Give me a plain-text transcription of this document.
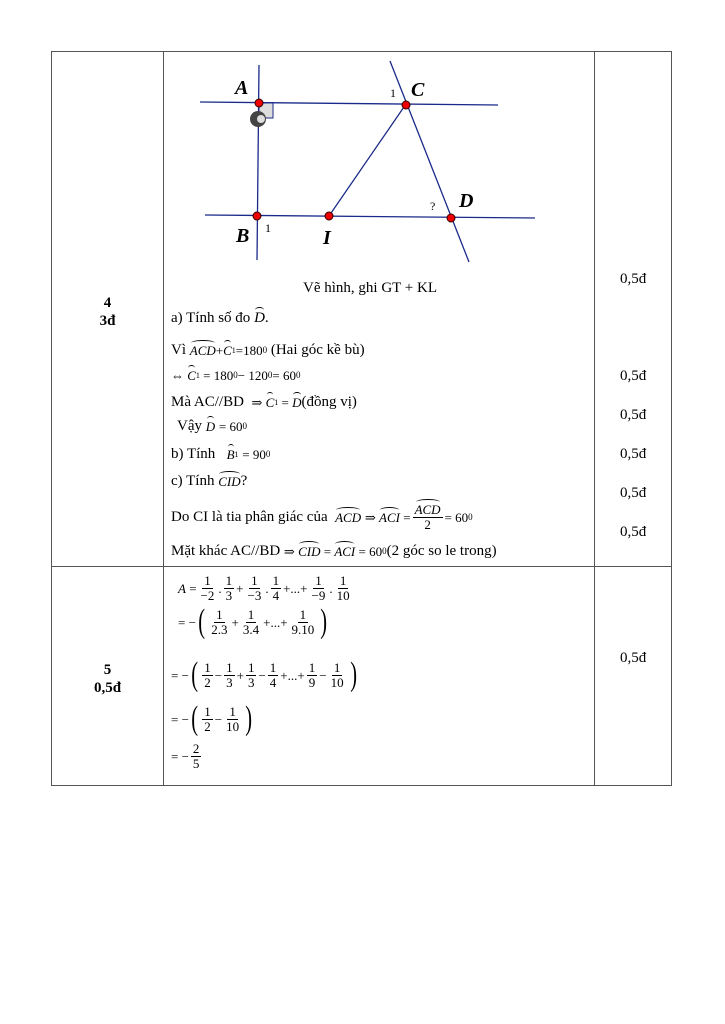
4
3đ
A	C
B	I
D
1
1
?
Vẽ hình, ghi GT + KL
a) Tính số đo
D .
Vì
ACD + C 1 =180 0
(Hai góc kề bù)
⇔ C 1
= 180 0 − 120 0 = 60 0
Mà AC//BD
⇒ C 1 = D (đồng vị)
Vậy
D
= 60 0
b) Tính
B 1
= 90 0
c) Tính
CID ?
Do CI là tia phân giác của
ACD
⇒ ACI = $\frac{\text{ACD}}{2} = 60$ 0
Mặt khác AC//BD
⇒ CID = ACI
= 60 0 (2 góc so le trong)
0,5đ
0,5đ
0,5đ
0,5đ
0,5đ
0,5đ
5
0,5đ
0,5đ
$A = \frac{1}{-2}$ . $\frac{1}{3} + \frac{1}{-3}$ . $\frac{1}{4}$ + ... + $\frac{1}{-9}$ . $\frac{1}{10}$
= − ( $\frac{1}{2.3} + \frac{1}{3.4}$ + ... + $\frac{1}{9.10}$ )
= − ( $\frac{1}{2} - \frac{1}{3} + \frac{1}{3} - \frac{1}{4}$ + ... + $\frac{1}{9} - \frac{1}{10}$ )
= − ( $\frac{1}{2} - \frac{1}{10}$ )
= − $\frac{2}{5}$
